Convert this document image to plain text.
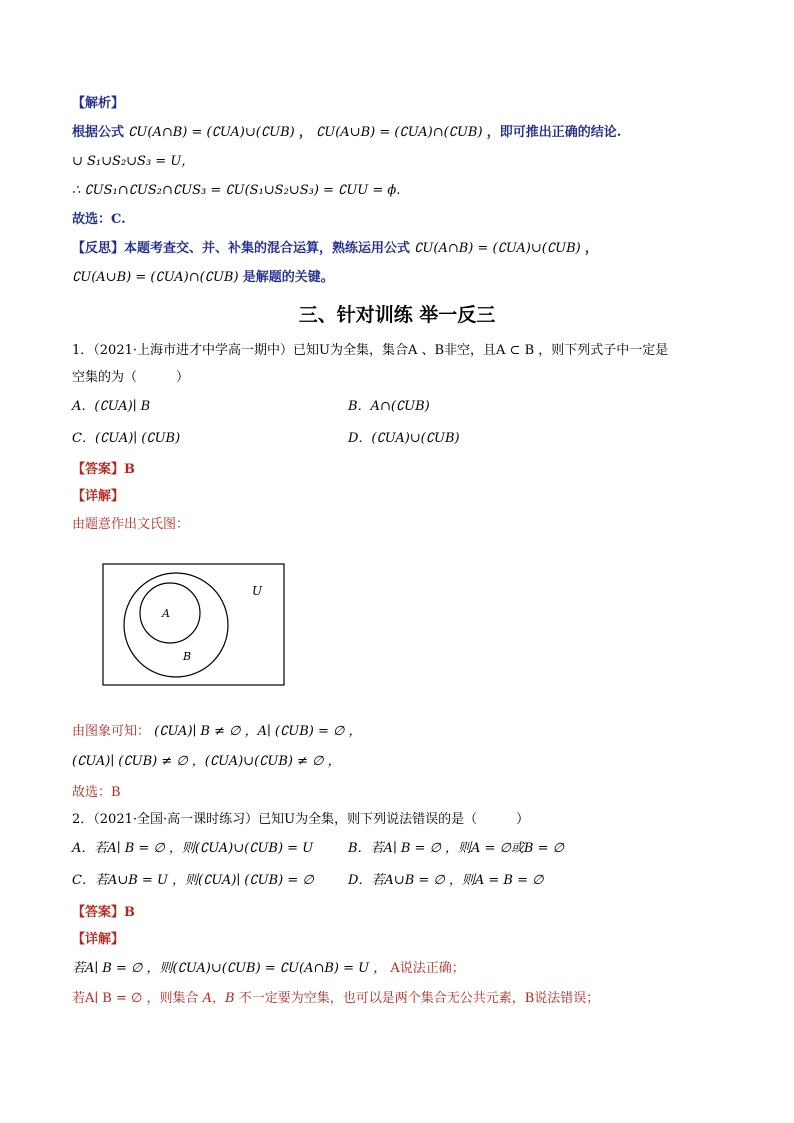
【解析】
根据公式 ∁U(A∩B) = (∁UA)∪(∁UB) ， ∁U(A∪B) = (∁UA)∩(∁UB) ，即可推出正确的结论.
∪ S₁∪S₂∪S₃ = U，
∴ ∁US₁∩∁US₂∩∁US₃ = ∁U(S₁∪S₂∪S₃) = ∁UU = ϕ.
故选：C.
【反思】本题考查交、并、补集的混合运算，熟练运用公式 ∁U(A∩B) = (∁UA)∪(∁UB) ，
∁U(A∪B) = (∁UA)∩(∁UB) 是解题的关键。
三、针对训练 举一反三
1．（2021·上海市进才中学高一期中）已知U为全集，集合A 、B非空，且A ⊂ B ，则下列式子中一定是
空集的为（　　　）
A．(∁UA)∣ B	B．A∩(∁UB)
C．(∁UA)∣ (∁UB)	D．(∁UA)∪(∁UB)
【答案】B
【详解】
由题意作出文氏图：
U
A
B
由图象可知： (∁UA)∣ B ≠ ∅ ，A∣ (∁UB) = ∅ ，
(∁UA)∣ (∁UB) ≠ ∅ ，(∁UA)∪(∁UB) ≠ ∅ ，
故选：B
2．（2021·全国·高一课时练习）已知U为全集，则下列说法错误的是（　　　）
A．若A∣ B = ∅ ，则(∁UA)∪(∁UB) = U	B．若A∣ B = ∅ ，则A = ∅或B = ∅
C．若A∪B = U ，则(∁UA)∣ (∁UB) = ∅	D．若A∪B = ∅ ，则A = B = ∅
【答案】B
【详解】
若A∣ B = ∅ ，则(∁UA)∪(∁UB) = ∁U(A∩B) = U ， A说法正确；
若A∣ B = ∅ ，则集合 A，B 不一定要为空集，也可以是两个集合无公共元素，B说法错误；
